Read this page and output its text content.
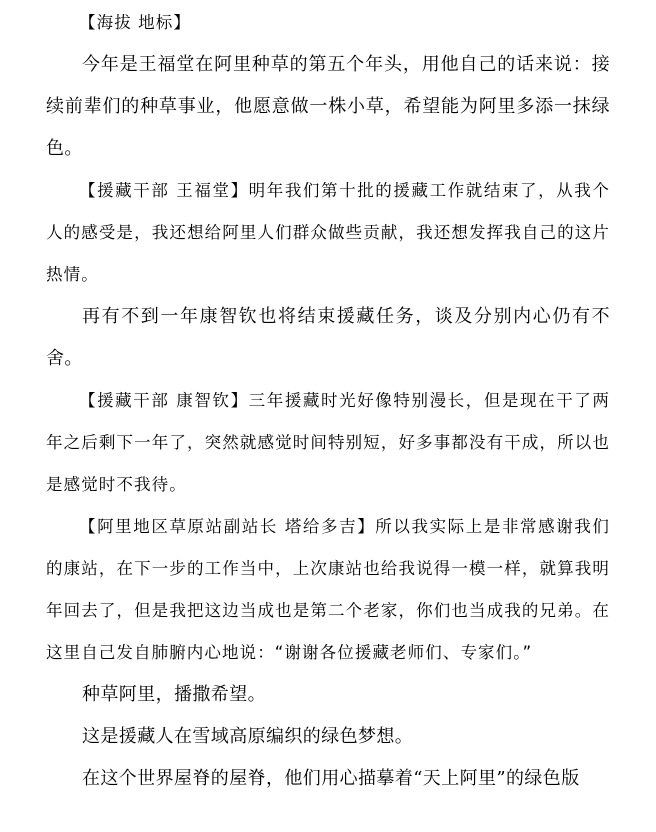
【海拔 地标】

今年是王福堂在阿里种草的第五个年头，用他自己的话来说：接续前辈们的种草事业，他愿意做一株小草，希望能为阿里多添一抹绿色。

【援藏干部 王福堂】明年我们第十批的援藏工作就结束了，从我个人的感受是，我还想给阿里人们群众做些贡献，我还想发挥我自己的这片热情。

再有不到一年康智钦也将结束援藏任务，谈及分别内心仍有不舍。

【援藏干部 康智钦】三年援藏时光好像特别漫长，但是现在干了两年之后剩下一年了，突然就感觉时间特别短，好多事都没有干成，所以也是感觉时不我待。

【阿里地区草原站副站长 塔给多吉】所以我实际上是非常感谢我们的康站，在下一步的工作当中，上次康站也给我说得一模一样，就算我明年回去了，但是我把这边当成也是第二个老家，你们也当成我的兄弟。在这里自己发自肺腑内心地说：“谢谢各位援藏老师们、专家们。”

种草阿里，播撒希望。

这是援藏人在雪域高原编织的绿色梦想。

在这个世界屋脊的屋脊，他们用心描摹着“天上阿里”的绿色版
